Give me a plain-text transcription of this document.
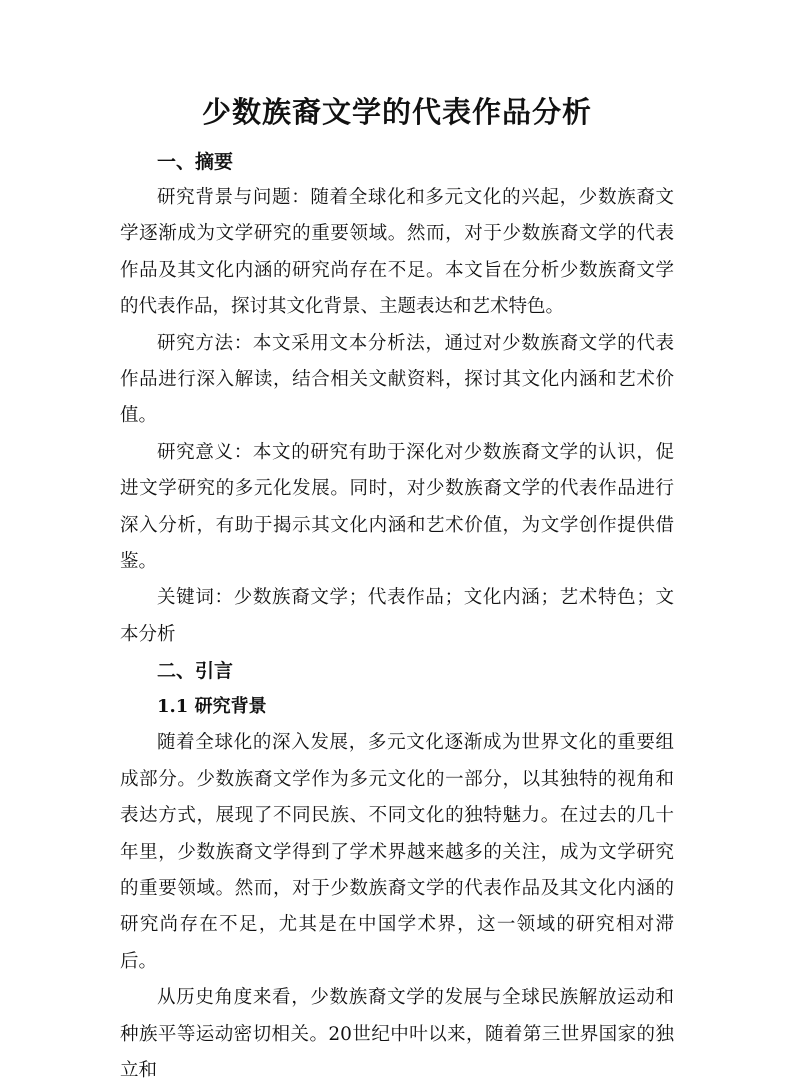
少数族裔文学的代表作品分析
一、摘要

研究背景与问题：随着全球化和多元文化的兴起，少数族裔文学逐渐成为文学研究的重要领域。然而，对于少数族裔文学的代表作品及其文化内涵的研究尚存在不足。本文旨在分析少数族裔文学的代表作品，探讨其文化背景、主题表达和艺术特色。

研究方法：本文采用文本分析法，通过对少数族裔文学的代表作品进行深入解读，结合相关文献资料，探讨其文化内涵和艺术价值。

研究意义：本文的研究有助于深化对少数族裔文学的认识，促进文学研究的多元化发展。同时，对少数族裔文学的代表作品进行深入分析，有助于揭示其文化内涵和艺术价值，为文学创作提供借鉴。

关键词：少数族裔文学；代表作品；文化内涵；艺术特色；文本分析

二、引言
1.1 研究背景

随着全球化的深入发展，多元文化逐渐成为世界文化的重要组成部分。少数族裔文学作为多元文化的一部分，以其独特的视角和表达方式，展现了不同民族、不同文化的独特魅力。在过去的几十年里，少数族裔文学得到了学术界越来越多的关注，成为文学研究的重要领域。然而，对于少数族裔文学的代表作品及其文化内涵的研究尚存在不足，尤其是在中国学术界，这一领域的研究相对滞后。

从历史角度来看，少数族裔文学的发展与全球民族解放运动和种族平等运动密切相关。20世纪中叶以来，随着第三世界国家的独立和
